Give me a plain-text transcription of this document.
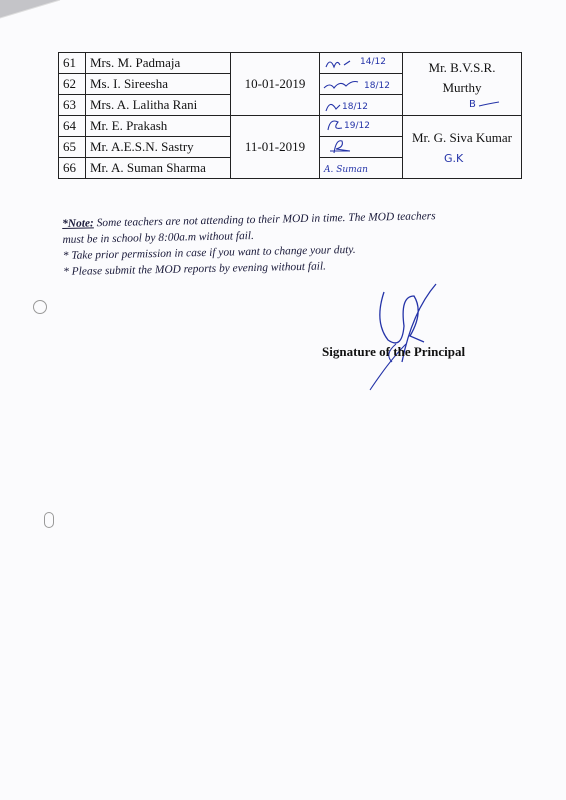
61	Mrs. M. Padmaja	10-01-2019	14/12	Mr. B.V.S.R.
Murthy
B

62	Ms. I. Sireesha		18/12	

63	Mrs. A. Lalitha Rani		18/12	

64	Mr. E. Prakash	11-01-2019	19/12	Mr. G. Siva Kumar
G.K

65	Mr. A.E.S.N. Sastry	

66	Mr. A. Suman Sharma		A. Suman	
*Note: Some teachers are not attending to their MOD in time. The MOD teachers
must be in school by 8:00a.m without fail.
* Take prior permission in case if you want to change your duty.
* Please submit the MOD reports by evening without fail.
Signature of the Principal
